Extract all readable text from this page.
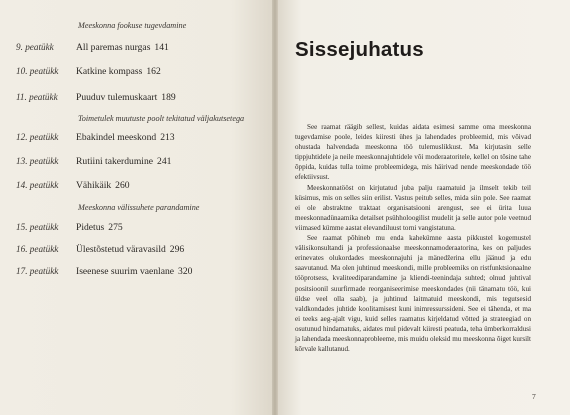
Meeskonna fookuse tugevdamine
9. peatükk All paremas nurgas 141
10. peatükk Katkine kompass 162
11. peatükk Puuduv tulemuskaart 189
Toimetulek muutuste poolt tekitatud väljakutsetega
12. peatükk Ebakindel meeskond 213
13. peatükk Rutiini takerdumine 241
14. peatükk Vähikäik 260
Meeskonna välissuhete parandamine
15. peatükk Pidetus 275
16. peatükk Ülestõstetud väravasild 296
17. peatükk Iseenese suurim vaenlane 320
Sissejuhatus

See raamat räägib sellest, kuidas aidata esimesi samme oma meeskonna tugevdamise poole, leides kiiresti ühes ja lahendades probleemid, mis võivad ohustada halvendada meeskonna töö tulemuslikkust. Ma kirjutasin selle tippjuhtidele ja neile meeskonnajuhtidele või moderaatoritele, kellel on tõsine tahe õppida, kuidas tulla toime probleemidega, mis häirivad nende meeskondade töö efektiivsust.

Meeskonnatööst on kirjutatud juba palju raamatuid ja ilmselt tekib teil küsimus, mis on selles siin erilist. Vastus peitub selles, mida siin pole. See raamat ei ole abstraktne traktaat organisatsiooni arengust, see ei ürita luua meeskonnadünaamika detailset psühholoogilist mudelit ja selle autor pole veetnud viimased kümme aastat elevandiluust torni vangistatuna.

See raamat põhineb mu enda kahekümne aasta pikkustel kogemustel välisikonsultandi ja professionaalse meeskonnamoderaatorina, kes on paljudes erinevates olukordades meeskonnajuhi ja mänedžerina ellu jäänud ja edu saavutanud. Ma olen juhtinud meeskondi, mille probleemiks on ristfunktsionaalne tööprotsess, kvaliteediparandamine ja kliendi-teenindaja suhted; olnud juhtival positsioonil suurfirmade reorganiseerimise meeskondades (nii tänamatu töö, kui üldse veel olla saab), ja juhtinud laitmatuid meeskondi, mis tegutsesid valdkondades juhtide koolitamisest kuni inimressurssideni. See ei tähenda, et ma ei teeks aeg-ajalt vigu, kuid selles raamatus kirjeldatud võtted ja strateegiad on osutunud hindamatuks, aidates mul pidevalt kiiresti peatuda, teha ümberkorraldusi ja lahendada meeskonnaprobleeme, mis muidu oleksid mu meeskonna õiget kursilt kõrvale kallutanud.

7
